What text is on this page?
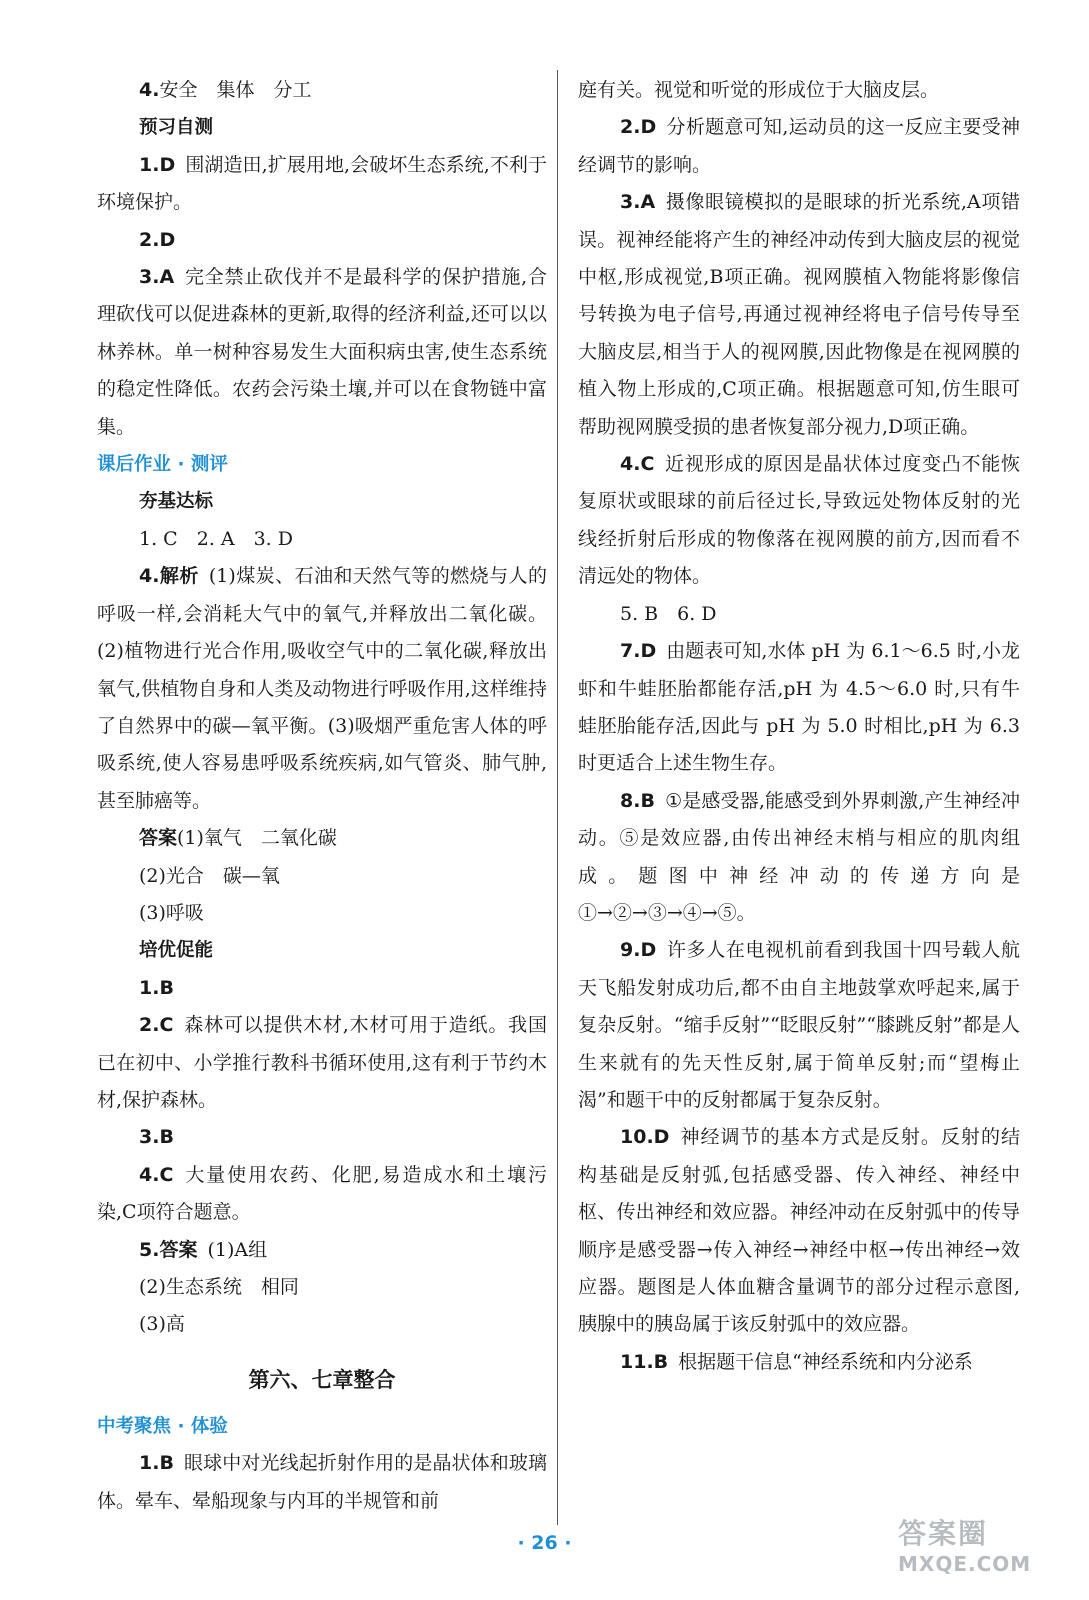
4.安全　集体　分工

预习自测

1.D 围湖造田,扩展用地,会破坏生态系统,不利于环境保护。

2.D

3.A 完全禁止砍伐并不是最科学的保护措施,合理砍伐可以促进森林的更新,取得的经济利益,还可以以林养林。单一树种容易发生大面积病虫害,使生态系统的稳定性降低。农药会污染土壤,并可以在食物链中富集。

课后作业 · 测评

夯基达标

1. C　2. A　3. D

4.解析 (1)煤炭、石油和天然气等的燃烧与人的呼吸一样,会消耗大气中的氧气,并释放出二氧化碳。(2)植物进行光合作用,吸收空气中的二氧化碳,释放出氧气,供植物自身和人类及动物进行呼吸作用,这样维持了自然界中的碳—氧平衡。(3)吸烟严重危害人体的呼吸系统,使人容易患呼吸系统疾病,如气管炎、肺气肿,甚至肺癌等。

答案(1)氧气　二氧化碳

(2)光合　碳—氧

(3)呼吸

培优促能

1.B

2.C 森林可以提供木材,木材可用于造纸。我国已在初中、小学推行教科书循环使用,这有利于节约木材,保护森林。

3.B

4.C 大量使用农药、化肥,易造成水和土壤污染,C项符合题意。

5.答案 (1)A组

(2)生态系统　相同

(3)高

第六、七章整合

中考聚焦 · 体验

1.B 眼球中对光线起折射作用的是晶状体和玻璃体。晕车、晕船现象与内耳的半规管和前

庭有关。视觉和听觉的形成位于大脑皮层。

2.D 分析题意可知,运动员的这一反应主要受神经调节的影响。

3.A 摄像眼镜模拟的是眼球的折光系统,A项错误。视神经能将产生的神经冲动传到大脑皮层的视觉中枢,形成视觉,B项正确。视网膜植入物能将影像信号转换为电子信号,再通过视神经将电子信号传导至大脑皮层,相当于人的视网膜,因此物像是在视网膜的植入物上形成的,C项正确。根据题意可知,仿生眼可帮助视网膜受损的患者恢复部分视力,D项正确。

4.C 近视形成的原因是晶状体过度变凸不能恢复原状或眼球的前后径过长,导致远处物体反射的光线经折射后形成的物像落在视网膜的前方,因而看不清远处的物体。

5. B　6. D

7.D 由题表可知,水体 pH 为 6.1～6.5 时,小龙虾和牛蛙胚胎都能存活,pH 为 4.5～6.0 时,只有牛蛙胚胎能存活,因此与 pH 为 5.0 时相比,pH 为 6.3 时更适合上述生物生存。

8.B ①是感受器,能感受到外界刺激,产生神经冲动。⑤是效应器,由传出神经末梢与相应的肌肉组成。题图中神经冲动的传递方向是①→②→③→④→⑤。

9.D 许多人在电视机前看到我国十四号载人航天飞船发射成功后,都不由自主地鼓掌欢呼起来,属于复杂反射。“缩手反射”“眨眼反射”“膝跳反射”都是人生来就有的先天性反射,属于简单反射;而“望梅止渴”和题干中的反射都属于复杂反射。

10.D 神经调节的基本方式是反射。反射的结构基础是反射弧,包括感受器、传入神经、神经中枢、传出神经和效应器。神经冲动在反射弧中的传导顺序是感受器→传入神经→神经中枢→传出神经→效应器。题图是人体血糖含量调节的部分过程示意图,胰腺中的胰岛属于该反射弧中的效应器。

11.B 根据题干信息“神经系统和内分泌系

· 26 ·	答案圈
MXQE.COM
